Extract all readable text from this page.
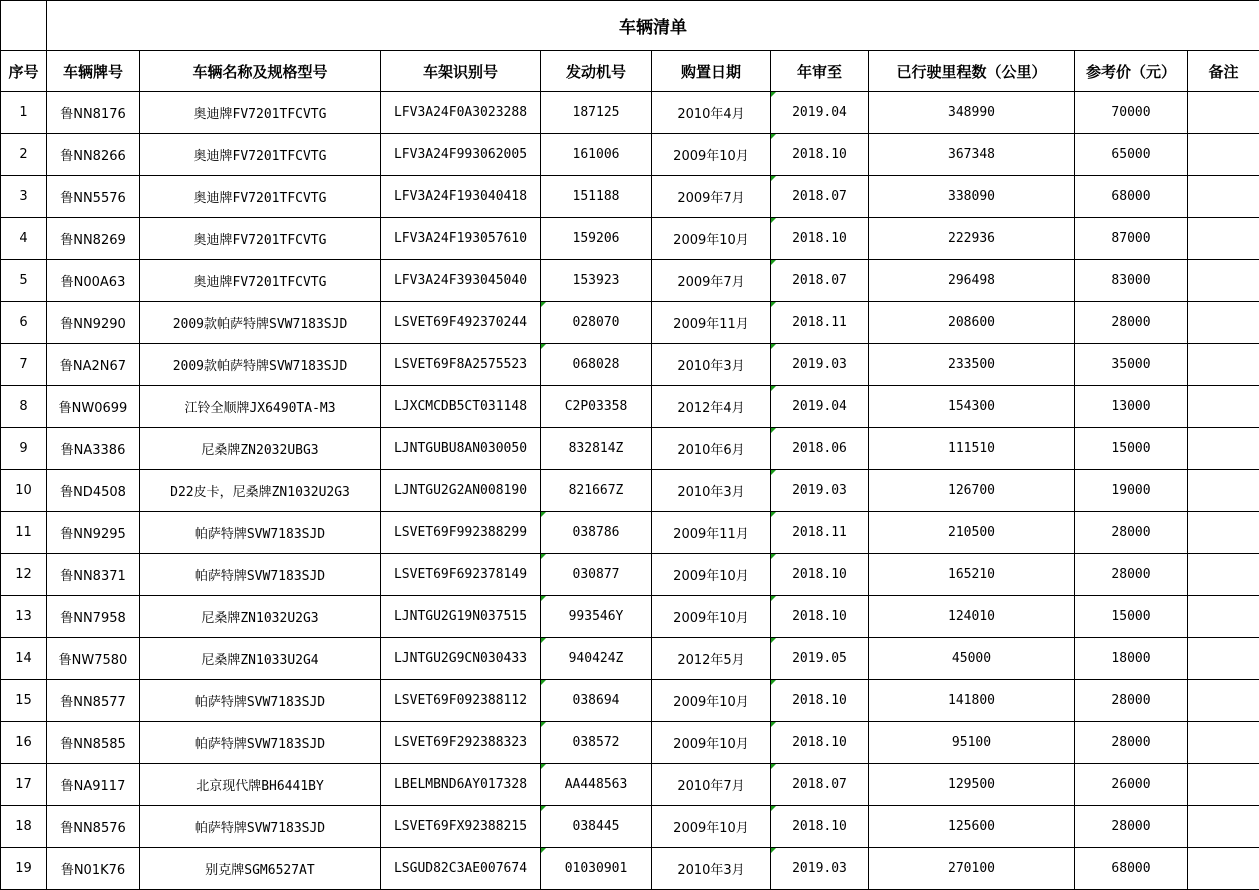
	车辆清单								
序号	车辆牌号	车辆名称及规格型号	车架识别号	发动机号	购置日期	年审至	已行驶里程数（公里）	参考价（元）	备注
1	鲁NN8176	奥迪牌FV7201TFCVTG	LFV3A24F0A3023288	187125	2010年4月	2019.04	348990	70000	
2	鲁NN8266	奥迪牌FV7201TFCVTG	LFV3A24F993062005	161006	2009年10月	2018.10	367348	65000	
3	鲁NN5576	奥迪牌FV7201TFCVTG	LFV3A24F193040418	151188	2009年7月	2018.07	338090	68000	
4	鲁NN8269	奥迪牌FV7201TFCVTG	LFV3A24F193057610	159206	2009年10月	2018.10	222936	87000	
5	鲁N00A63	奥迪牌FV7201TFCVTG	LFV3A24F393045040	153923	2009年7月	2018.07	296498	83000	
6	鲁NN9290	2009款帕萨特牌SVW7183SJD	LSVET69F492370244	028070	2009年11月	2018.11	208600	28000	
7	鲁NA2N67	2009款帕萨特牌SVW7183SJD	LSVET69F8A2575523	068028	2010年3月	2019.03	233500	35000	
8	鲁NW0699	江铃全顺牌JX6490TA-M3	LJXCMCDB5CT031148	C2P03358	2012年4月	2019.04	154300	13000	
9	鲁NA3386	尼桑牌ZN2032UBG3	LJNTGUBU8AN030050	832814Z	2010年6月	2018.06	111510	15000	
10	鲁ND4508	D22皮卡，尼桑牌ZN1032U2G3	LJNTGU2G2AN008190	821667Z	2010年3月	2019.03	126700	19000	
11	鲁NN9295	帕萨特牌SVW7183SJD	LSVET69F992388299	038786	2009年11月	2018.11	210500	28000	
12	鲁NN8371	帕萨特牌SVW7183SJD	LSVET69F692378149	030877	2009年10月	2018.10	165210	28000	
13	鲁NN7958	尼桑牌ZN1032U2G3	LJNTGU2G19N037515	993546Y	2009年10月	2018.10	124010	15000	
14	鲁NW7580	尼桑牌ZN1033U2G4	LJNTGU2G9CN030433	940424Z	2012年5月	2019.05	45000	18000	
15	鲁NN8577	帕萨特牌SVW7183SJD	LSVET69F092388112	038694	2009年10月	2018.10	141800	28000	
16	鲁NN8585	帕萨特牌SVW7183SJD	LSVET69F292388323	038572	2009年10月	2018.10	95100	28000	
17	鲁NA9117	北京现代牌BH6441BY	LBELMBND6AY017328	AA448563	2010年7月	2018.07	129500	26000	
18	鲁NN8576	帕萨特牌SVW7183SJD	LSVET69FX92388215	038445	2009年10月	2018.10	125600	28000	
19	鲁N01K76	别克牌SGM6527AT	LSGUD82C3AE007674	01030901	2010年3月	2019.03	270100	68000	
